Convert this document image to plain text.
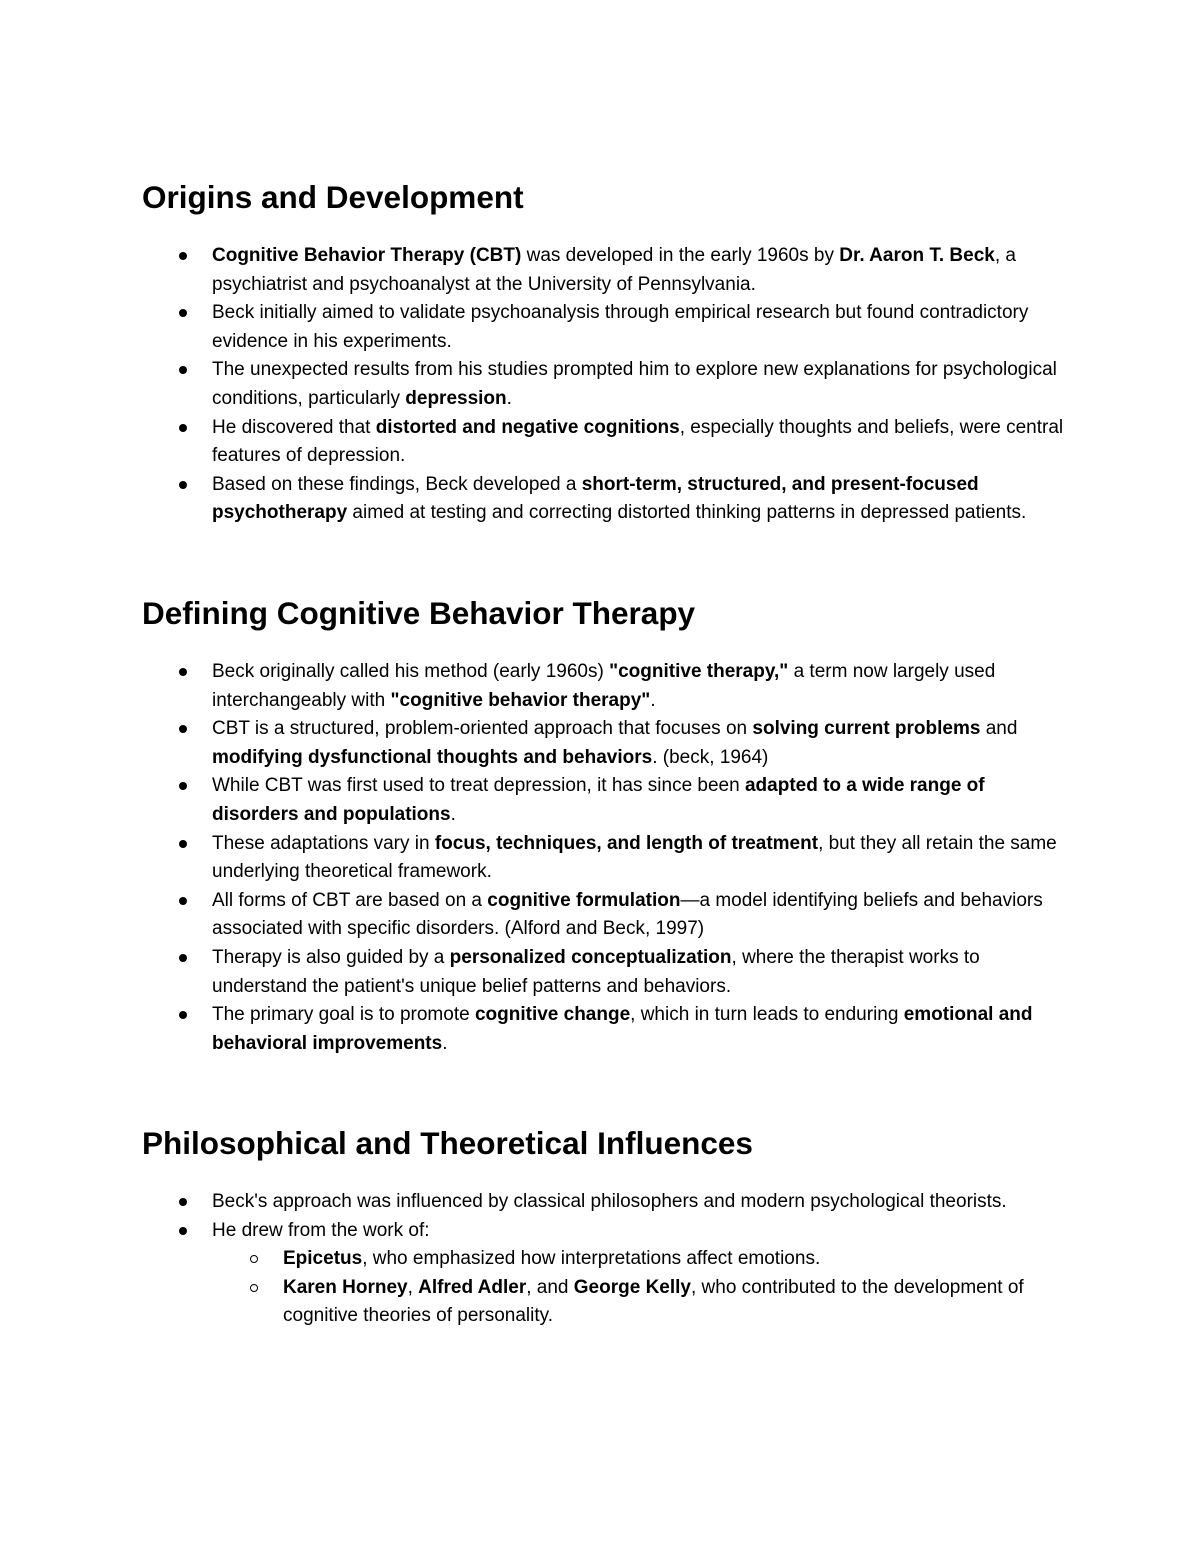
Origins and Development
Cognitive Behavior Therapy (CBT) was developed in the early 1960s by Dr. Aaron T. Beck, a psychiatrist and psychoanalyst at the University of Pennsylvania.
Beck initially aimed to validate psychoanalysis through empirical research but found contradictory evidence in his experiments.
The unexpected results from his studies prompted him to explore new explanations for psychological conditions, particularly depression.
He discovered that distorted and negative cognitions, especially thoughts and beliefs, were central features of depression.
Based on these findings, Beck developed a short-term, structured, and present-focused psychotherapy aimed at testing and correcting distorted thinking patterns in depressed patients.
Defining Cognitive Behavior Therapy
Beck originally called his method (early 1960s) "cognitive therapy," a term now largely used interchangeably with "cognitive behavior therapy".
CBT is a structured, problem-oriented approach that focuses on solving current problems and modifying dysfunctional thoughts and behaviors. (beck, 1964)
While CBT was first used to treat depression, it has since been adapted to a wide range of disorders and populations.
These adaptations vary in focus, techniques, and length of treatment, but they all retain the same underlying theoretical framework.
All forms of CBT are based on a cognitive formulation—a model identifying beliefs and behaviors associated with specific disorders. (Alford and Beck, 1997)
Therapy is also guided by a personalized conceptualization, where the therapist works to understand the patient's unique belief patterns and behaviors.
The primary goal is to promote cognitive change, which in turn leads to enduring emotional and behavioral improvements.
Philosophical and Theoretical Influences
Beck's approach was influenced by classical philosophers and modern psychological theorists.
He drew from the work of:
Epicetus, who emphasized how interpretations affect emotions.
Karen Horney, Alfred Adler, and George Kelly, who contributed to the development of cognitive theories of personality.
